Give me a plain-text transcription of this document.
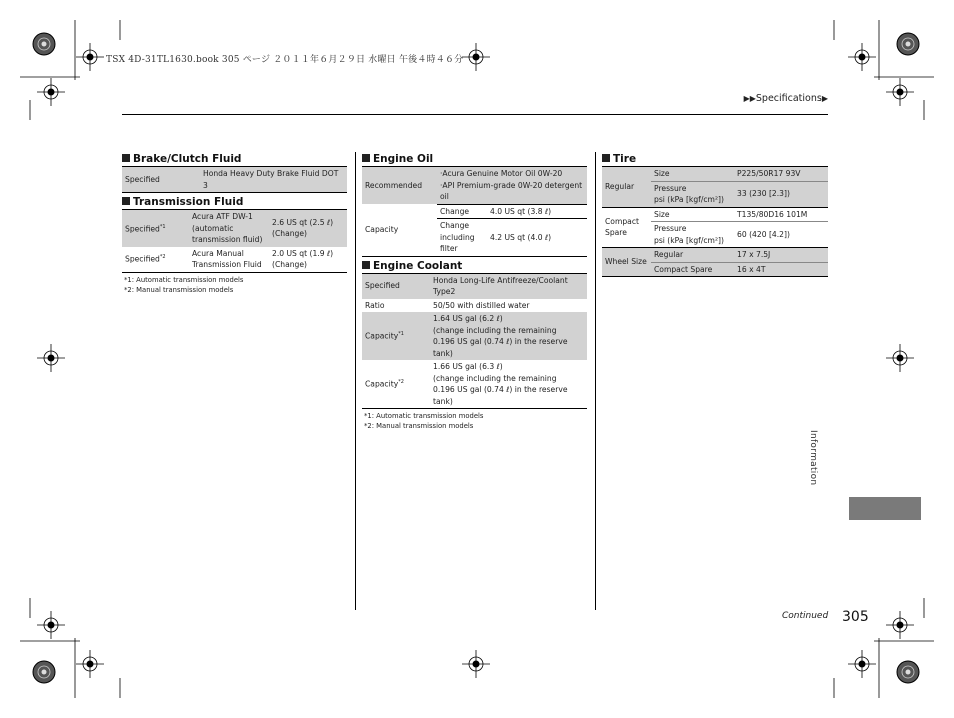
TSX 4D-31TL1630.book 305 ページ ２０１１年６月２９日 水曜日 午後４時４６分
▶▶Specifications▶
Brake/Clutch Fluid
Specified	Honda Heavy Duty Brake Fluid DOT 3
Transmission Fluid
Specified$^{*1}$	Acura ATF DW-1 (automatic transmission fluid)	2.6 US qt (2.5 ℓ) (Change)
Specified$^{*2}$	Acura Manual Transmission Fluid	2.0 US qt (1.9 ℓ) (Change)
*1: Automatic transmission models
*2: Manual transmission models
Engine Oil
Recommended	·Acura Genuine Motor Oil 0W-20
·API Premium-grade 0W-20 detergent oil	

Capacity	Change	4.0 US qt (3.8 ℓ)
	Change including filter	4.2 US qt (4.0 ℓ)
Engine Coolant
Specified	Honda Long-Life Antifreeze/Coolant Type2
Ratio	50/50 with distilled water
Capacity$^{*1}$	1.64 US gal (6.2 ℓ)
(change including the remaining
0.196 US gal (0.74 ℓ) in the reserve tank)

Capacity$^{*2}$	1.66 US gal (6.3 ℓ)
(change including the remaining
0.196 US gal (0.74 ℓ) in the reserve tank)
*1: Automatic transmission models
*2: Manual transmission models
Tire
Regular	Size	P225/50R17 93V

	Pressure
psi (kPa [kgf/cm²])	33 (230 [2.3])
Compact Spare	Size	T135/80D16 101M

	Pressure
psi (kPa [kgf/cm²])	60 (420 [4.2])
Wheel Size	Regular	17 x 7.5J
	Compact Spare	16 x 4T
Information
Continued 305
